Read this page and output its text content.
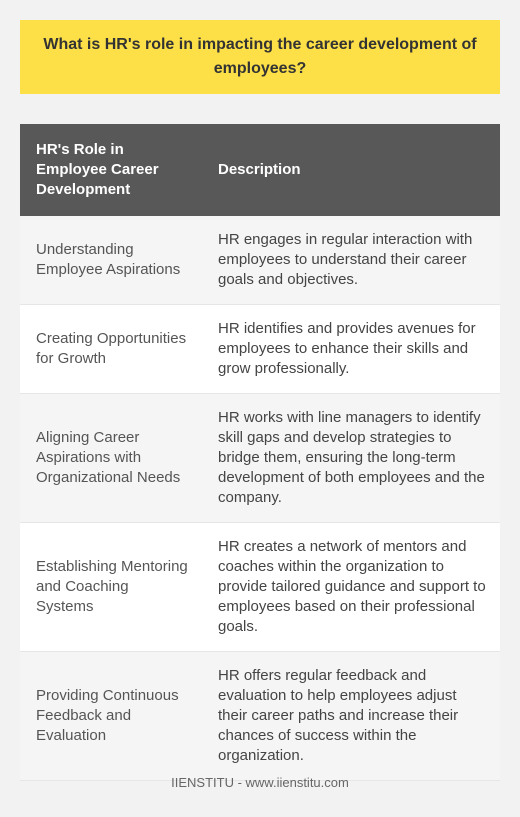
What is HR's role in impacting the career development of employees?
HR's Role in Employee Career Development	Description
Understanding Employee Aspirations	HR engages in regular interaction with employees to understand their career goals and objectives.
Creating Opportunities for Growth	HR identifies and provides avenues for employees to enhance their skills and grow professionally.
Aligning Career Aspirations with Organizational Needs	HR works with line managers to identify skill gaps and develop strategies to bridge them, ensuring the long-term development of both employees and the company.
Establishing Mentoring and Coaching Systems	HR creates a network of mentors and coaches within the organization to provide tailored guidance and support to employees based on their professional goals.
Providing Continuous Feedback and Evaluation	HR offers regular feedback and evaluation to help employees adjust their career paths and increase their chances of success within the organization.
IIENSTITU - www.iienstitu.com
